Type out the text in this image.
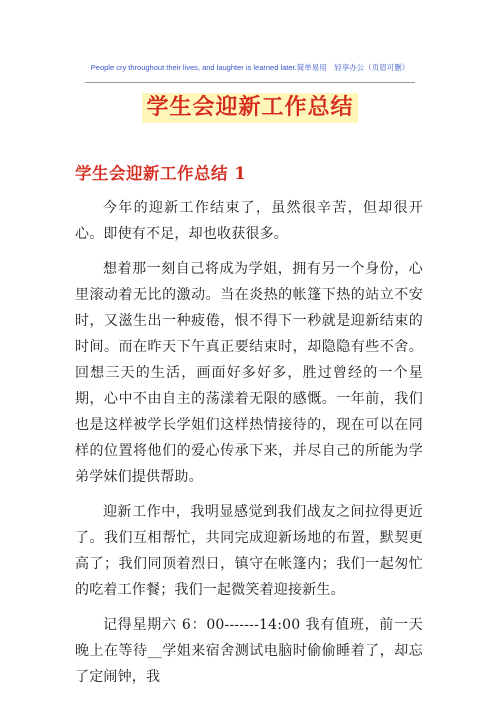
People cry throughout their lives, and laughter is learned later.简单易用　轻享办公（页眉可删）
学生会迎新工作总结
学生会迎新工作总结 1

今年的迎新工作结束了，虽然很辛苦，但却很开心。即使有不足，却也收获很多。

想着那一刻自己将成为学姐，拥有另一个身份，心里滚动着无比的激动。当在炎热的帐篷下热的站立不安时，又滋生出一种疲倦，恨不得下一秒就是迎新结束的时间。而在昨天下午真正要结束时，却隐隐有些不舍。回想三天的生活，画面好多好多，胜过曾经的一个星期，心中不由自主的荡漾着无限的感慨。一年前，我们也是这样被学长学姐们这样热情接待的，现在可以在同样的位置将他们的爱心传承下来，并尽自己的所能为学弟学妹们提供帮助。

迎新工作中，我明显感觉到我们战友之间拉得更近了。我们互相帮忙，共同完成迎新场地的布置，默契更高了；我们同顶着烈日，镇守在帐篷内；我们一起匆忙的吃着工作餐；我们一起微笑着迎接新生。

记得星期六 6：00-------14:00 我有值班，前一天晚上在等待__学姐来宿舍测试电脑时偷偷睡着了，却忘了定闹钟，我
